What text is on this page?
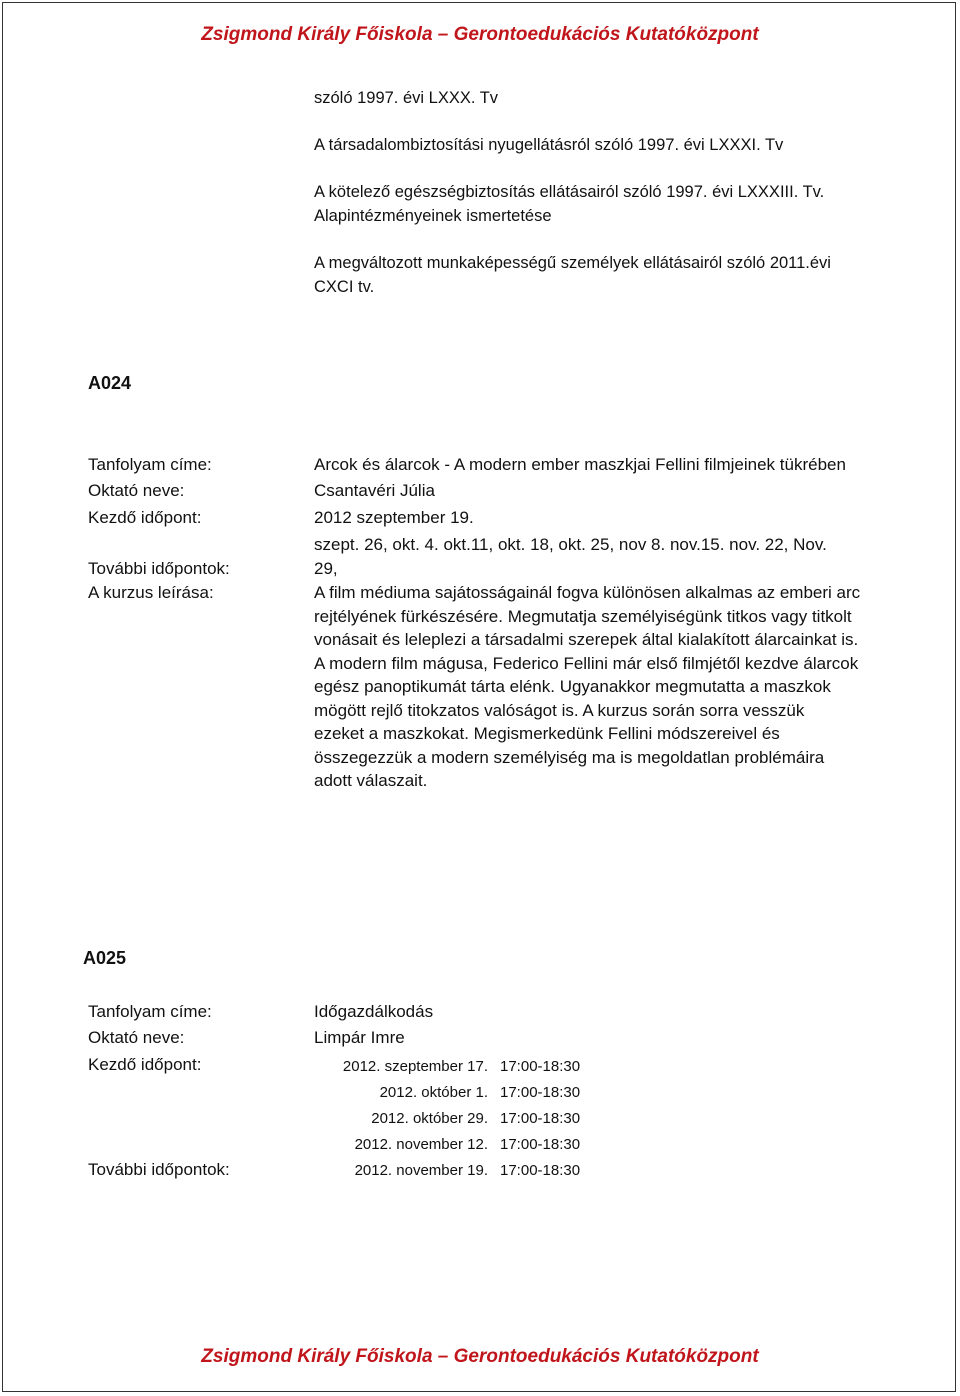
Zsigmond Király Főiskola – Gerontoedukációs Kutatóközpont
szóló 1997. évi LXXX. Tv
A társadalombiztosítási nyugellátásról szóló 1997. évi LXXXI. Tv
A kötelező egészségbiztosítás ellátásairól szóló 1997. évi LXXXIII. Tv.
Alapintézményeinek ismertetése
A megváltozott munkaképességű személyek ellátásairól szóló 2011.évi
CXCI tv.
A024
Tanfolyam címe:	Arcok és álarcok - A modern ember maszkjai Fellini filmjeinek tükrében
Oktató neve:	Csantavéri Júlia
Kezdő időpont:	2012 szeptember 19.
szept. 26, okt. 4. okt.11, okt. 18, okt. 25, nov 8. nov.15. nov. 22, Nov.
További időpontok:	29,
A kurzus leírása:	A film médiuma sajátosságainál fogva különösen alkalmas az emberi arc
rejtélyének fürkészésére. Megmutatja személyiségünk titkos vagy titkolt
vonásait és leleplezi a társadalmi szerepek által kialakított álarcainkat is.
A modern film mágusa, Federico Fellini már első filmjétől kezdve álarcok
egész panoptikumát tárta elénk. Ugyanakkor megmutatta a maszkok
mögött rejlő titokzatos valóságot is. A kurzus során sorra vesszük
ezeket a maszkokat. Megismerkedünk Fellini módszereivel és
összegezzük a modern személyiség ma is megoldatlan problémáira
adott válaszait.
A025
Tanfolyam címe:	Időgazdálkodás
Oktató neve:	Limpár Imre
Kezdő időpont:	2012. szeptember 17. 17:00-18:30
2012. október 1. 17:00-18:30
2012. október 29. 17:00-18:30
2012. november 12. 17:00-18:30
További időpontok:	2012. november 19. 17:00-18:30
Zsigmond Király Főiskola – Gerontoedukációs Kutatóközpont
